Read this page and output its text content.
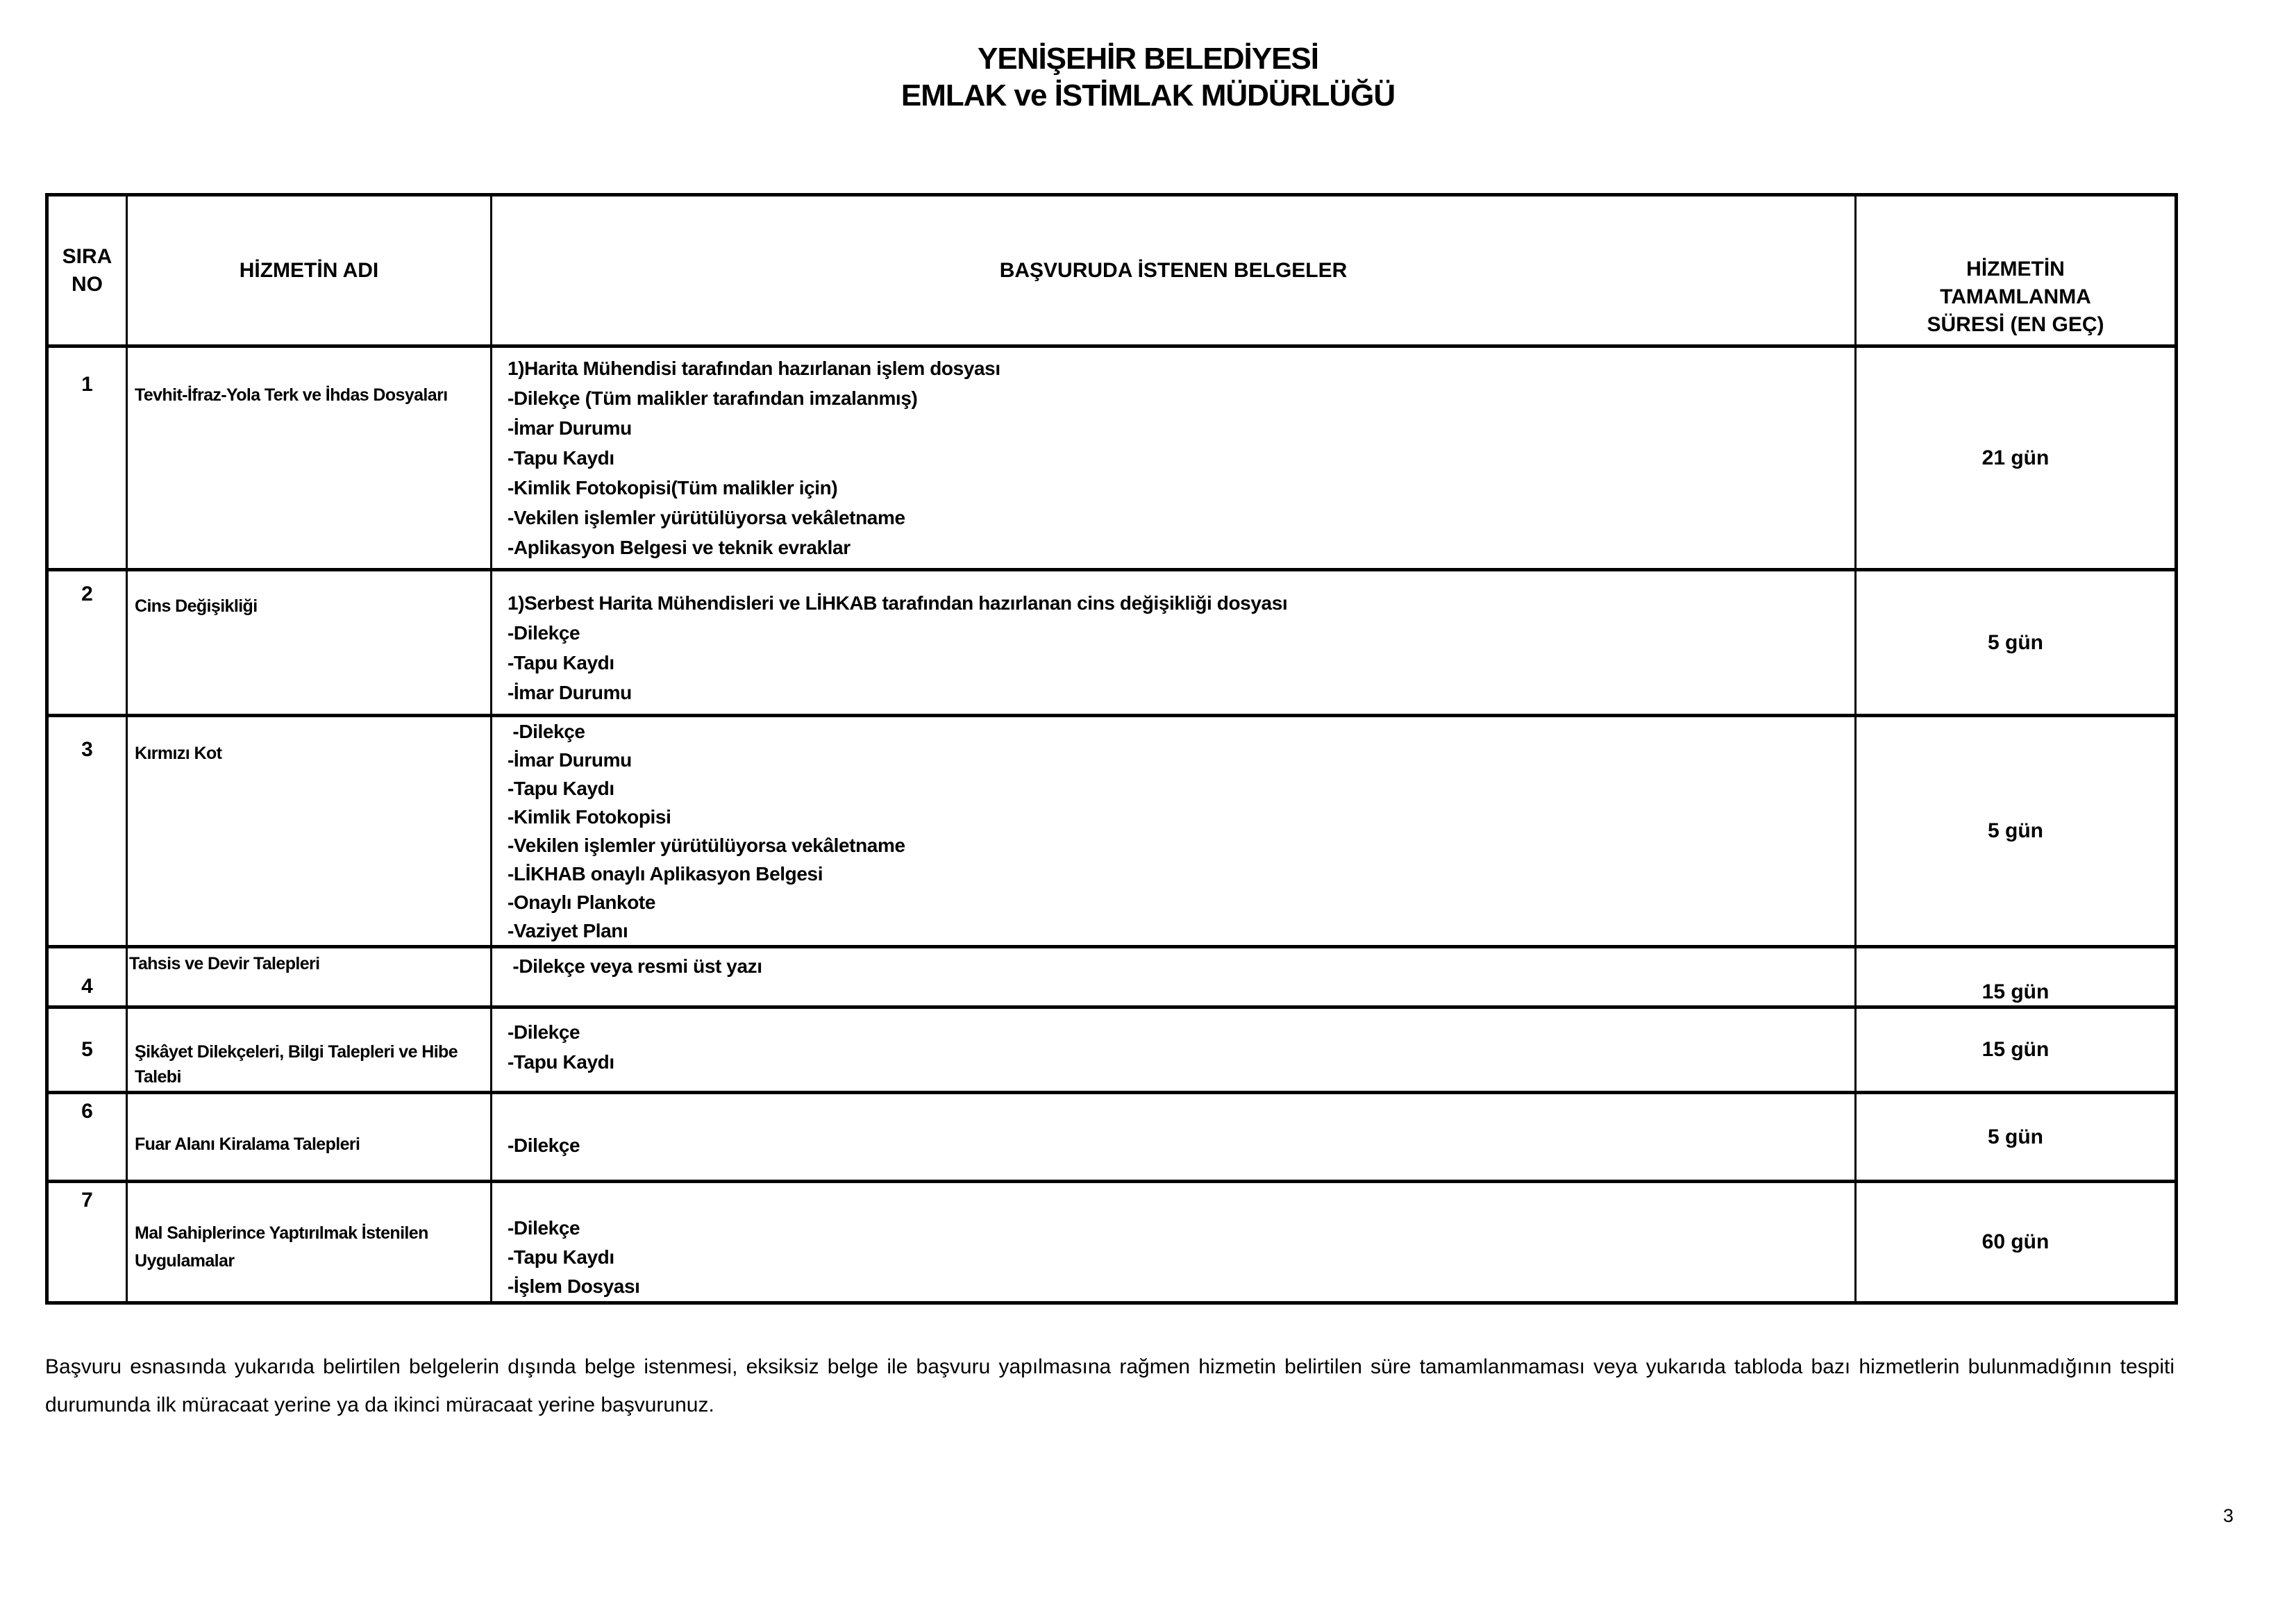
YENİŞEHİR BELEDİYESİ
EMLAK ve İSTİMLAK MÜDÜRLÜĞÜ
SIRA NO	HİZMETİN ADI	BAŞVURUDA İSTENEN BELGELER	HİZMETİN TAMAMLANMA SÜRESİ (EN GEÇ)
1	Tevhit-İfraz-Yola Terk ve İhdas Dosyaları	
1)Harita Mühendisi tarafından hazırlanan işlem dosyası
-Dilekçe (Tüm malikler tarafından imzalanmış)
-İmar Durumu
-Tapu Kaydı
-Kimlik Fotokopisi(Tüm malikler için)
-Vekilen işlemler yürütülüyorsa vekâletname
-Aplikasyon Belgesi ve teknik evraklar
	21 gün
2	Cins Değişikliği	1)Serbest Harita Mühendisleri ve LİHKAB tarafından hazırlanan cins değişikliği dosyası
-Dilekçe
-Tapu Kaydı
-İmar Durumu	5 gün
3	Kırmızı Kot	
-Dilekçe
-İmar Durumu
-Tapu Kaydı
-Kimlik Fotokopisi
-Vekilen işlemler yürütülüyorsa vekâletname
-LİKHAB onaylı Aplikasyon Belgesi
-Onaylı Plankote
-Vaziyet Planı
	5 gün
4	Tahsis ve Devir Talepleri	-Dilekçe veya resmi üst yazı	15 gün
5	Şikâyet Dilekçeleri, Bilgi Talepleri ve Hibe Talebi	-Dilekçe
-Tapu Kaydı	15 gün
6	Fuar Alanı Kiralama Talepleri	-Dilekçe	5 gün
7	Mal Sahiplerince Yaptırılmak İstenilen Uygulamalar	-Dilekçe
-Tapu Kaydı
-İşlem Dosyası	60 gün
Başvuru esnasında yukarıda belirtilen belgelerin dışında belge istenmesi, eksiksiz belge ile başvuru yapılmasına rağmen hizmetin belirtilen süre tamamlanmaması veya yukarıda tabloda bazı hizmetlerin bulunmadığının tespiti durumunda ilk müracaat yerine ya da ikinci müracaat yerine başvurunuz.
3
